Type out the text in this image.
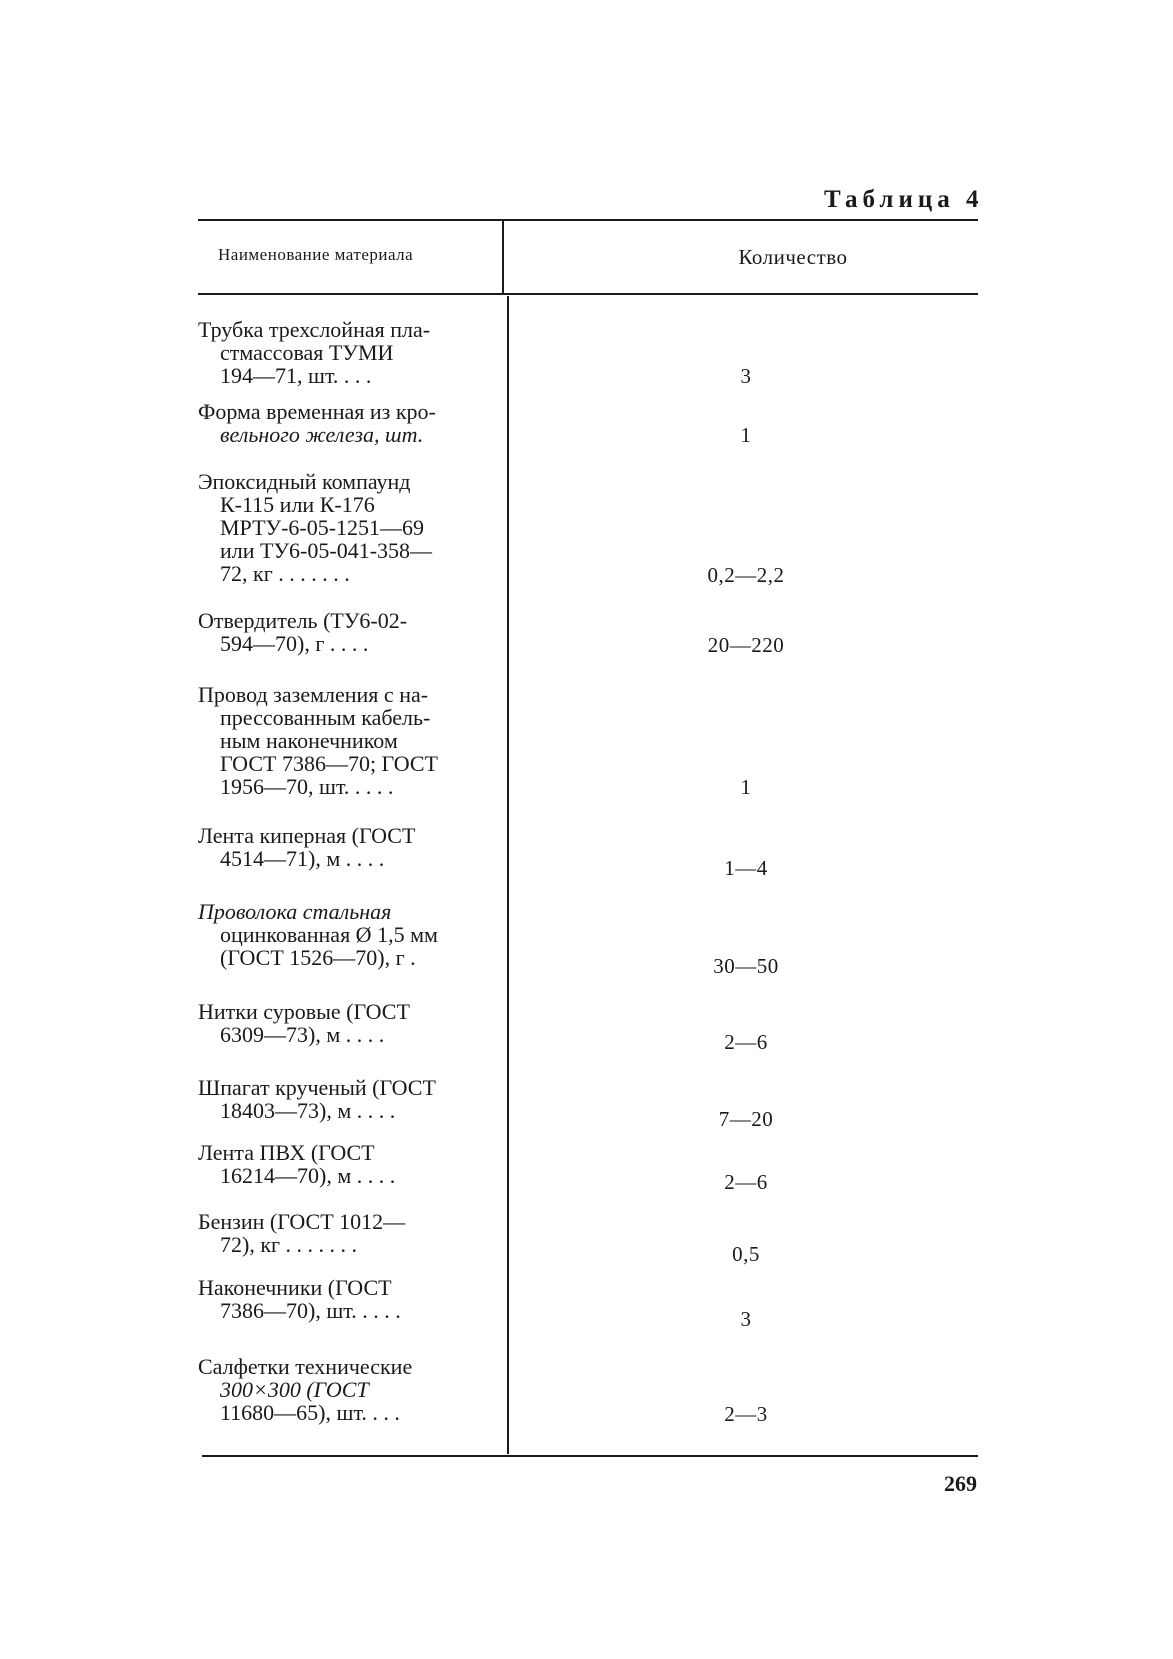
Таблица 4
Наименование материала	Количество
Трубка трехслойная пла-
стмассовая ТУМИ
194—71, шт. . . .	3
Форма временная из кро-
вельного железа, шт.	1
Эпоксидный компаунд
К-115 или К-176
МРТУ-6-05-1251—69
или ТУ6-05-041-358—
72, кг . . . . . . .	0,2—2,2
Отвердитель (ТУ6-02-
594—70), г . . . .	20—220
Провод заземления с на-
прессованным кабель-
ным наконечником
ГОСТ 7386—70; ГОСТ
1956—70, шт. . . . .	1
Лента киперная (ГОСТ
4514—71), м . . . .	1—4
Проволока стальная
оцинкованная Ø 1,5 мм
(ГОСТ 1526—70), г .	30—50
Нитки суровые (ГОСТ
6309—73), м . . . .	2—6
Шпагат крученый (ГОСТ
18403—73), м . . . .	7—20
Лента ПВХ (ГОСТ
16214—70), м . . . .	2—6
Бензин (ГОСТ 1012—
72), кг . . . . . . .	0,5
Наконечники (ГОСТ
7386—70), шт. . . . .	3
Салфетки технические
300×300 (ГОСТ
11680—65), шт. . . .	2—3
269
